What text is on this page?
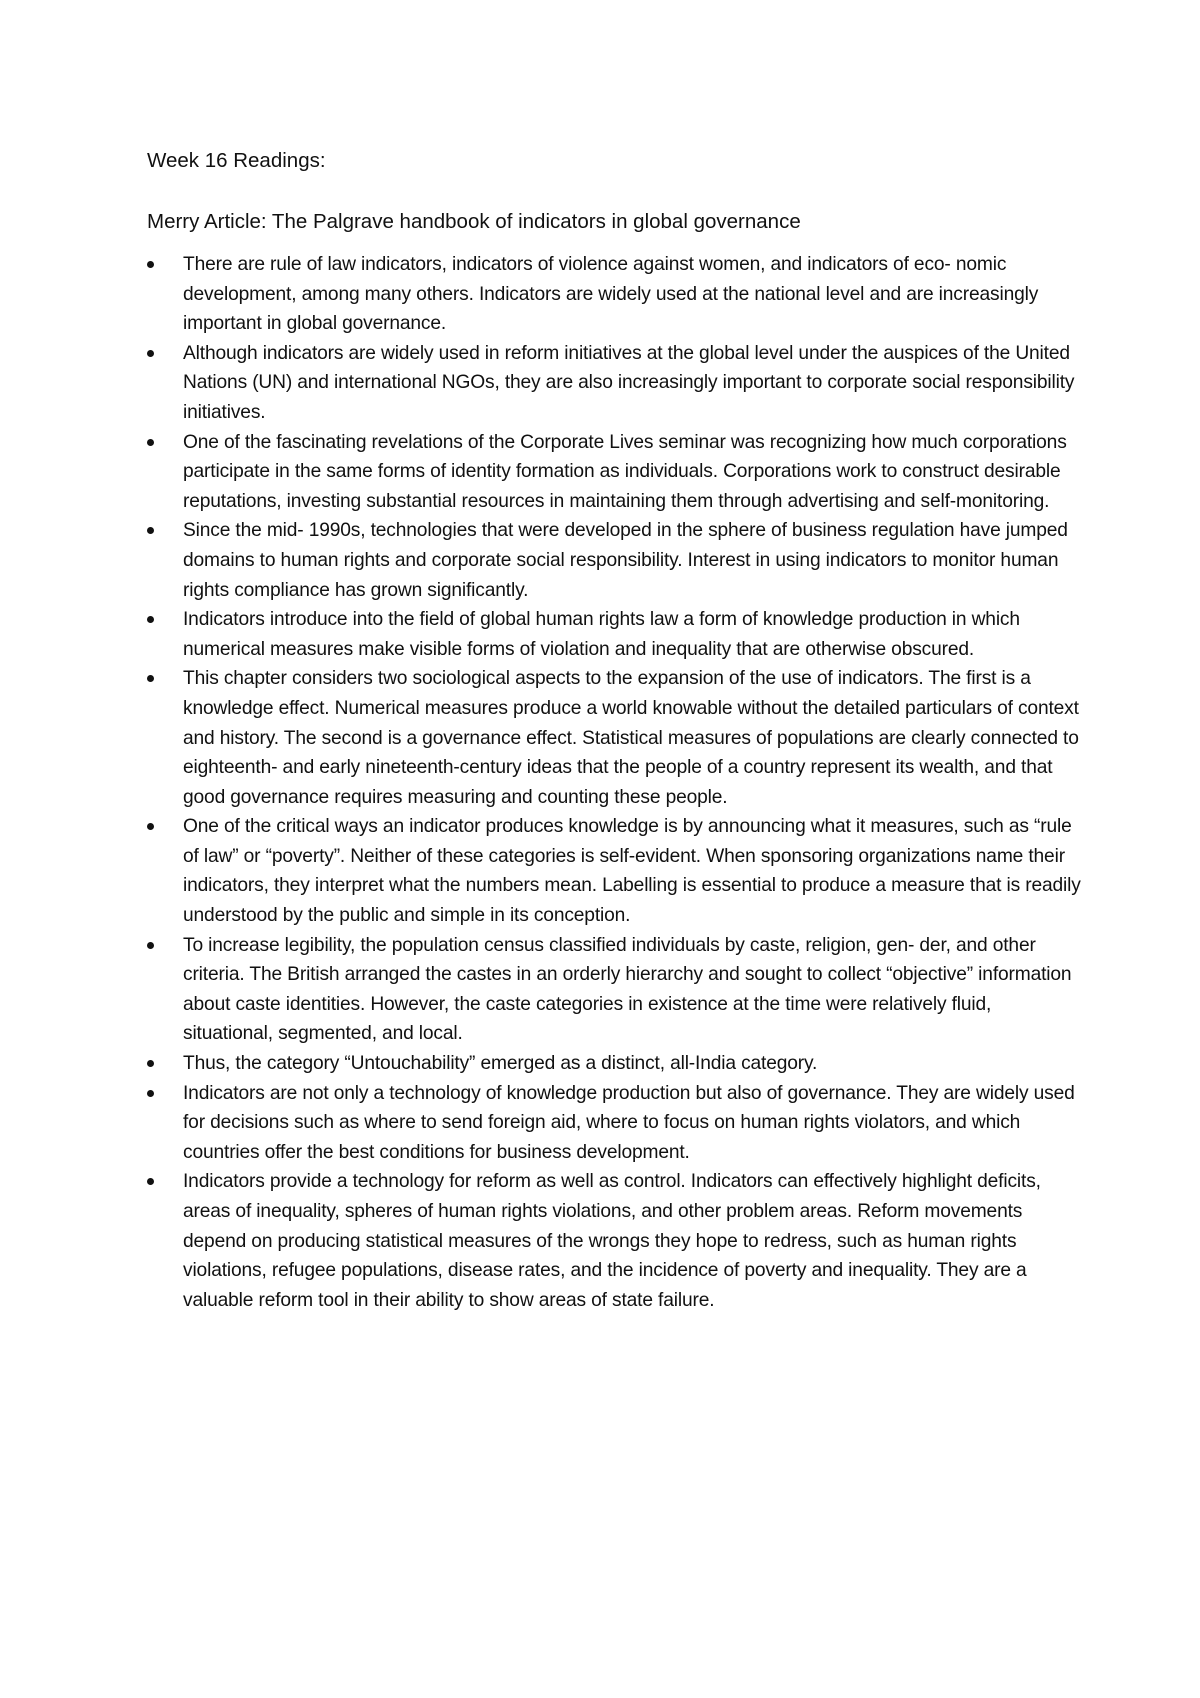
Week 16 Readings:
Merry Article: The Palgrave handbook of indicators in global governance
There are rule of law indicators, indicators of violence against women, and indicators of eco- nomic development, among many others. Indicators are widely used at the national level and are increasingly important in global governance.
Although indicators are widely used in reform initiatives at the global level under the auspices of the United Nations (UN) and international NGOs, they are also increasingly important to corporate social responsibility initiatives.
One of the fascinating revelations of the Corporate Lives seminar was recognizing how much corporations participate in the same forms of identity formation as individuals. Corporations work to construct desirable reputations, investing substantial resources in maintaining them through advertising and self-monitoring.
Since the mid- 1990s, technologies that were developed in the sphere of business regulation have jumped domains to human rights and corporate social responsibility. Interest in using indicators to monitor human rights compliance has grown significantly.
Indicators introduce into the field of global human rights law a form of knowledge production in which numerical measures make visible forms of violation and inequality that are otherwise obscured.
This chapter considers two sociological aspects to the expansion of the use of indicators. The first is a knowledge effect. Numerical measures produce a world knowable without the detailed particulars of context and history. The second is a governance effect. Statistical measures of populations are clearly connected to eighteenth- and early nineteenth-century ideas that the people of a country represent its wealth, and that good governance requires measuring and counting these people.
One of the critical ways an indicator produces knowledge is by announcing what it measures, such as “rule of law” or “poverty”. Neither of these categories is self-evident. When sponsoring organizations name their indicators, they interpret what the numbers mean. Labelling is essential to produce a measure that is readily understood by the public and simple in its conception.
To increase legibility, the population census classified individuals by caste, religion, gen- der, and other criteria. The British arranged the castes in an orderly hierarchy and sought to collect “objective” information about caste identities. However, the caste categories in existence at the time were relatively fluid, situational, segmented, and local.
Thus, the category “Untouchability” emerged as a distinct, all-India category.
Indicators are not only a technology of knowledge production but also of governance. They are widely used for decisions such as where to send foreign aid, where to focus on human rights violators, and which countries offer the best conditions for business development.
Indicators provide a technology for reform as well as control. Indicators can effectively highlight deficits, areas of inequality, spheres of human rights violations, and other problem areas. Reform movements depend on producing statistical measures of the wrongs they hope to redress, such as human rights violations, refugee populations, disease rates, and the incidence of poverty and inequality. They are a valuable reform tool in their ability to show areas of state failure.
